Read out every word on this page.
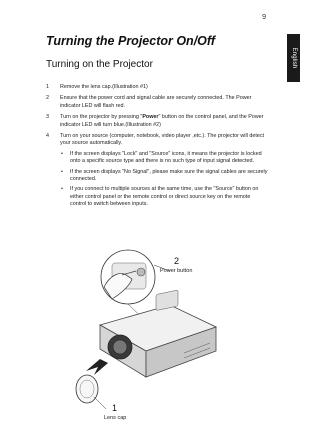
9
English
Turning the Projector On/Off
Turning on the Projector
1 Remove the lens cap.(Illustration #1)
2 Ensure that the power cord and signal cable are securely connected. The Power indicator LED will flash red.
3 Turn on the projector by pressing "Power" button on the control panel, and the Power indicator LED will turn blue.(Illustration #2)
4 Turn on your source (computer, notebook, video player ,etc.). The projector will detect your source automatically.
• If the screen displays "Lock" and "Source" icons, it means the projector is locked onto a specific source type and there is no such type of input signal detected.
• If the screen displays "No Signal", please make sure the signal cables are securely connected.
• If you connect to multiple sources at the same time, use the "Source" button on either control panel or the remote control or direct source key on the remote control to switch between inputs.
2
Power button
1
Lens cap
